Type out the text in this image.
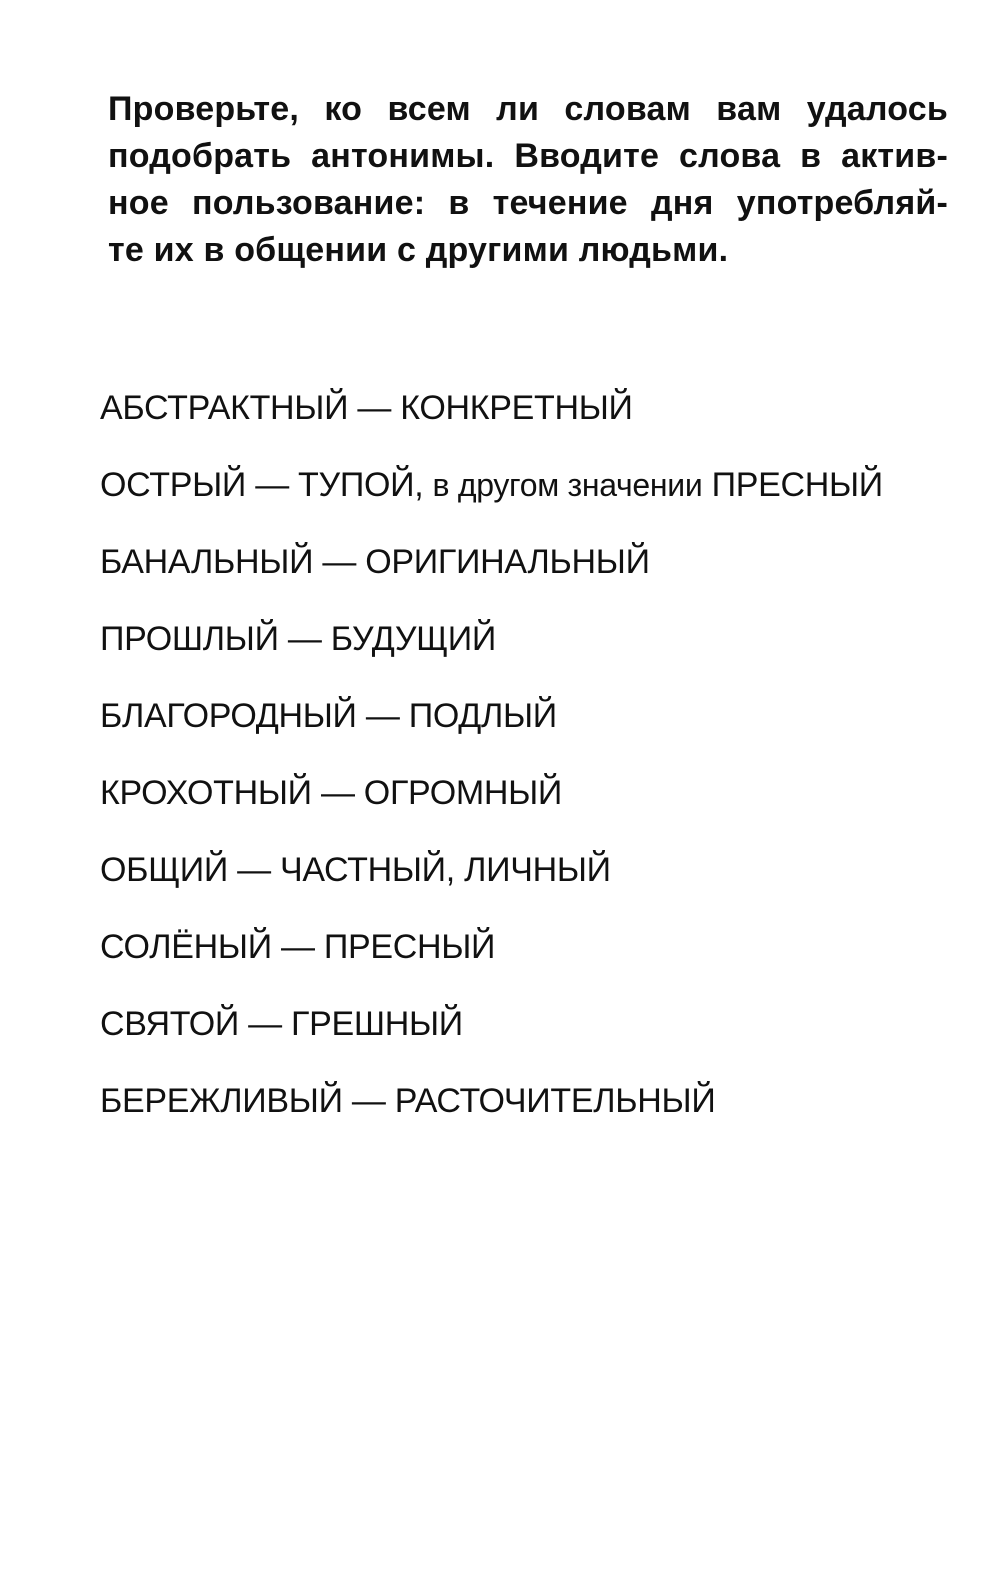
Проверьте, ко всем ли словам вам удалось
подобрать антонимы. Вводите слова в актив-
ное пользование: в течение дня употребляй-
те их в общении с другими людьми.
АБСТРАКТНЫЙ — КОНКРЕТНЫЙ
ОСТРЫЙ — ТУПОЙ, в другом значении ПРЕСНЫЙ
БАНАЛЬНЫЙ — ОРИГИНАЛЬНЫЙ
ПРОШЛЫЙ — БУДУЩИЙ
БЛАГОРОДНЫЙ — ПОДЛЫЙ
КРОХОТНЫЙ — ОГРОМНЫЙ
ОБЩИЙ — ЧАСТНЫЙ, ЛИЧНЫЙ
СОЛЁНЫЙ — ПРЕСНЫЙ
СВЯТОЙ — ГРЕШНЫЙ
БЕРЕЖЛИВЫЙ — РАСТОЧИТЕЛЬНЫЙ
